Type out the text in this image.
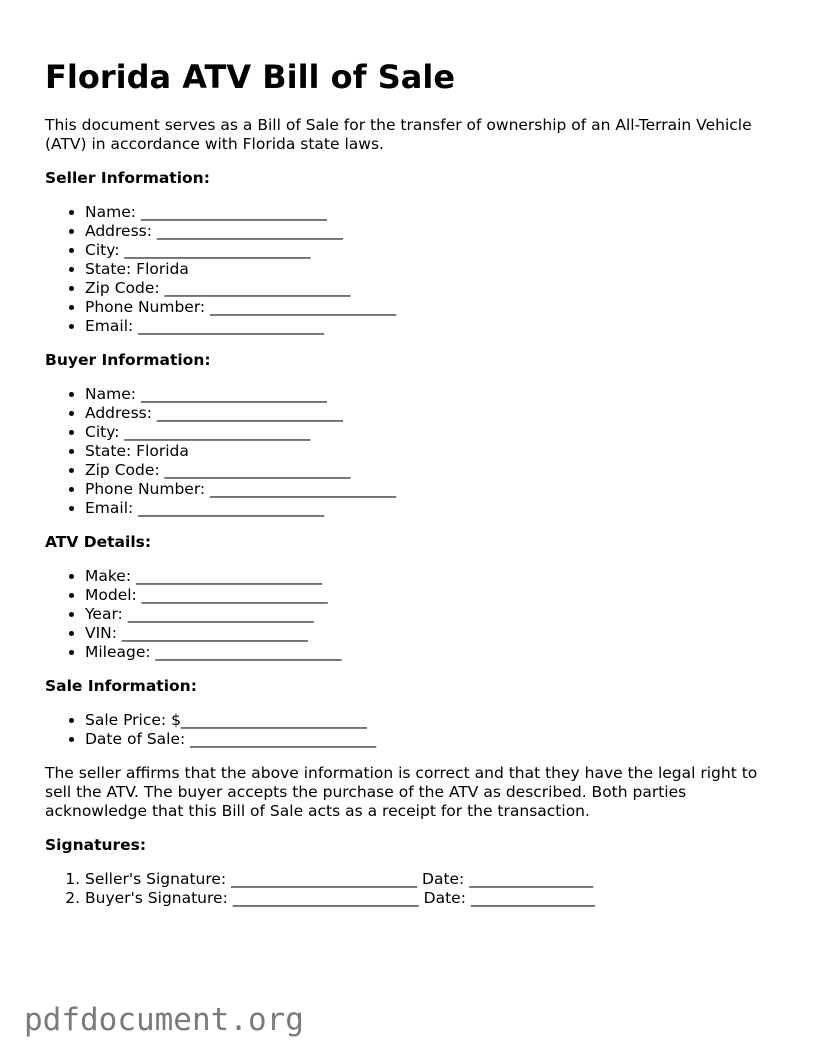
Florida ATV Bill of Sale

This document serves as a Bill of Sale for the transfer of ownership of an All-Terrain Vehicle (ATV) in accordance with Florida state laws.

Seller Information:
• Name: ________________________
• Address: ________________________
• City: ________________________
• State: Florida
• Zip Code: ________________________
• Phone Number: ________________________
• Email: ________________________
Buyer Information:
• Name: ________________________
• Address: ________________________
• City: ________________________
• State: Florida
• Zip Code: ________________________
• Phone Number: ________________________
• Email: ________________________
ATV Details:
• Make: ________________________
• Model: ________________________
• Year: ________________________
• VIN: ________________________
• Mileage: ________________________
Sale Information:
• Sale Price: $________________________
• Date of Sale: ________________________

The seller affirms that the above information is correct and that they have the legal right to sell the ATV. The buyer accepts the purchase of the ATV as described. Both parties acknowledge that this Bill of Sale acts as a receipt for the transaction.

Signatures:
1. Seller's Signature: ________________________ Date: ________________
2. Buyer's Signature: ________________________ Date: ________________
pdfdocument.org
